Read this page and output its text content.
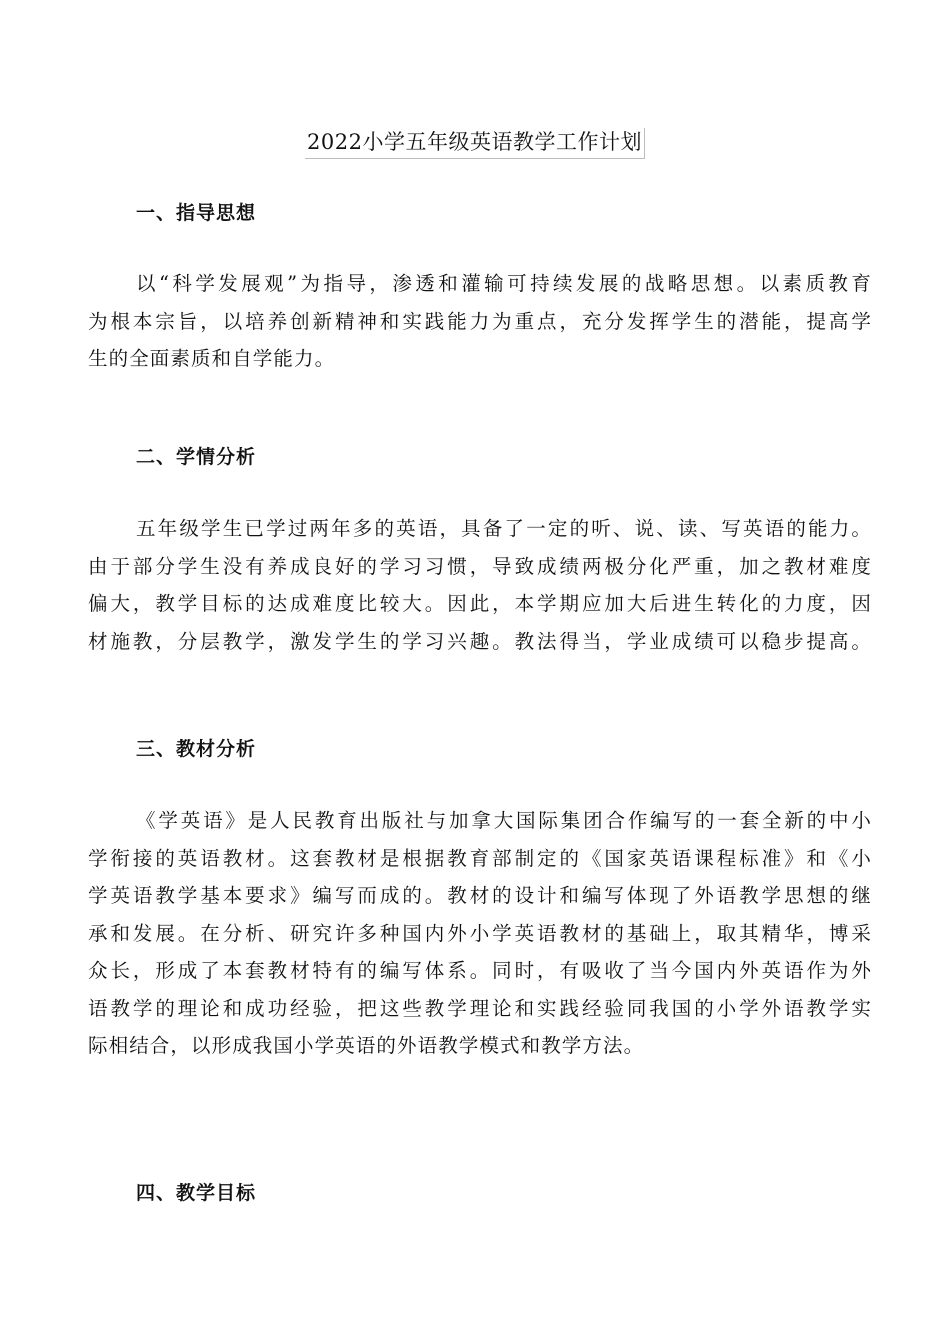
2022小学五年级英语教学工作计划
一、指导思想

以“科学发展观”为指导，渗透和灌输可持续发展的战略思想。以素质教育
为根本宗旨，以培养创新精神和实践能力为重点，充分发挥学生的潜能，提高学
生的全面素质和自学能力。

二、学情分析

五年级学生已学过两年多的英语，具备了一定的听、说、读、写英语的能力。
由于部分学生没有养成良好的学习习惯，导致成绩两极分化严重，加之教材难度
偏大，教学目标的达成难度比较大。因此，本学期应加大后进生转化的力度，因
材施教，分层教学，激发学生的学习兴趣。教法得当，学业成绩可以稳步提高。

三、教材分析

《学英语》是人民教育出版社与加拿大国际集团合作编写的一套全新的中小
学衔接的英语教材。这套教材是根据教育部制定的《国家英语课程标准》和《小
学英语教学基本要求》编写而成的。教材的设计和编写体现了外语教学思想的继
承和发展。在分析、研究许多种国内外小学英语教材的基础上，取其精华，博采
众长，形成了本套教材特有的编写体系。同时，有吸收了当今国内外英语作为外
语教学的理论和成功经验，把这些教学理论和实践经验同我国的小学外语教学实
际相结合，以形成我国小学英语的外语教学模式和教学方法。

四、教学目标
